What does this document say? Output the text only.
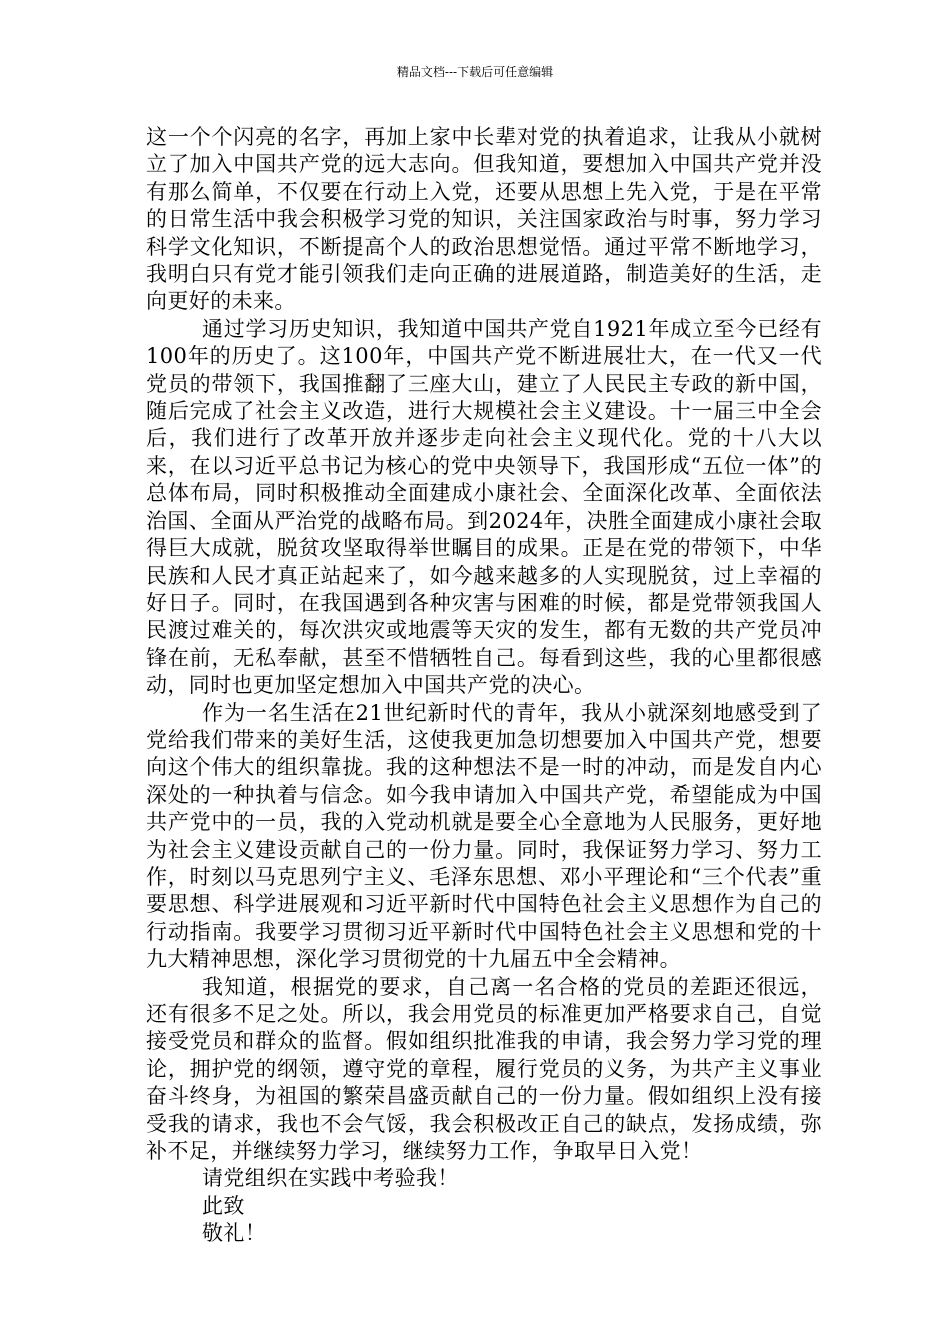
精品文档---下载后可任意编辑

这一个个闪亮的名字，再加上家中长辈对党的执着追求，让我从小就树立了加入中国共产党的远大志向。但我知道，要想加入中国共产党并没有那么简单，不仅要在行动上入党，还要从思想上先入党，于是在平常的日常生活中我会积极学习党的知识，关注国家政治与时事，努力学习科学文化知识，不断提高个人的政治思想觉悟。通过平常不断地学习，我明白只有党才能引领我们走向正确的进展道路，制造美好的生活，走向更好的未来。

通过学习历史知识，我知道中国共产党自1921年成立至今已经有100年的历史了。这100年，中国共产党不断进展壮大，在一代又一代党员的带领下，我国推翻了三座大山，建立了人民民主专政的新中国，随后完成了社会主义改造，进行大规模社会主义建设。十一届三中全会后，我们进行了改革开放并逐步走向社会主义现代化。党的十八大以来，在以习近平总书记为核心的党中央领导下，我国形成“五位一体”的总体布局，同时积极推动全面建成小康社会、全面深化改革、全面依法治国、全面从严治党的战略布局。到2024年，决胜全面建成小康社会取得巨大成就，脱贫攻坚取得举世瞩目的成果。正是在党的带领下，中华民族和人民才真正站起来了，如今越来越多的人实现脱贫，过上幸福的好日子。同时，在我国遇到各种灾害与困难的时候，都是党带领我国人民渡过难关的，每次洪灾或地震等天灾的发生，都有无数的共产党员冲锋在前，无私奉献，甚至不惜牺牲自己。每看到这些，我的心里都很感动，同时也更加坚定想加入中国共产党的决心。

作为一名生活在21世纪新时代的青年，我从小就深刻地感受到了党给我们带来的美好生活，这使我更加急切想要加入中国共产党，想要向这个伟大的组织靠拢。我的这种想法不是一时的冲动，而是发自内心深处的一种执着与信念。如今我申请加入中国共产党，希望能成为中国共产党中的一员，我的入党动机就是要全心全意地为人民服务，更好地为社会主义建设贡献自己的一份力量。同时，我保证努力学习、努力工作，时刻以马克思列宁主义、毛泽东思想、邓小平理论和“三个代表”重要思想、科学进展观和习近平新时代中国特色社会主义思想作为自己的行动指南。我要学习贯彻习近平新时代中国特色社会主义思想和党的十九大精神思想，深化学习贯彻党的十九届五中全会精神。

我知道，根据党的要求，自己离一名合格的党员的差距还很远，还有很多不足之处。所以，我会用党员的标准更加严格要求自己，自觉接受党员和群众的监督。假如组织批准我的申请，我会努力学习党的理论，拥护党的纲领，遵守党的章程，履行党员的义务，为共产主义事业奋斗终身，为祖国的繁荣昌盛贡献自己的一份力量。假如组织上没有接受我的请求，我也不会气馁，我会积极改正自己的缺点，发扬成绩，弥补不足，并继续努力学习，继续努力工作，争取早日入党！

请党组织在实践中考验我！

此致

敬礼！
